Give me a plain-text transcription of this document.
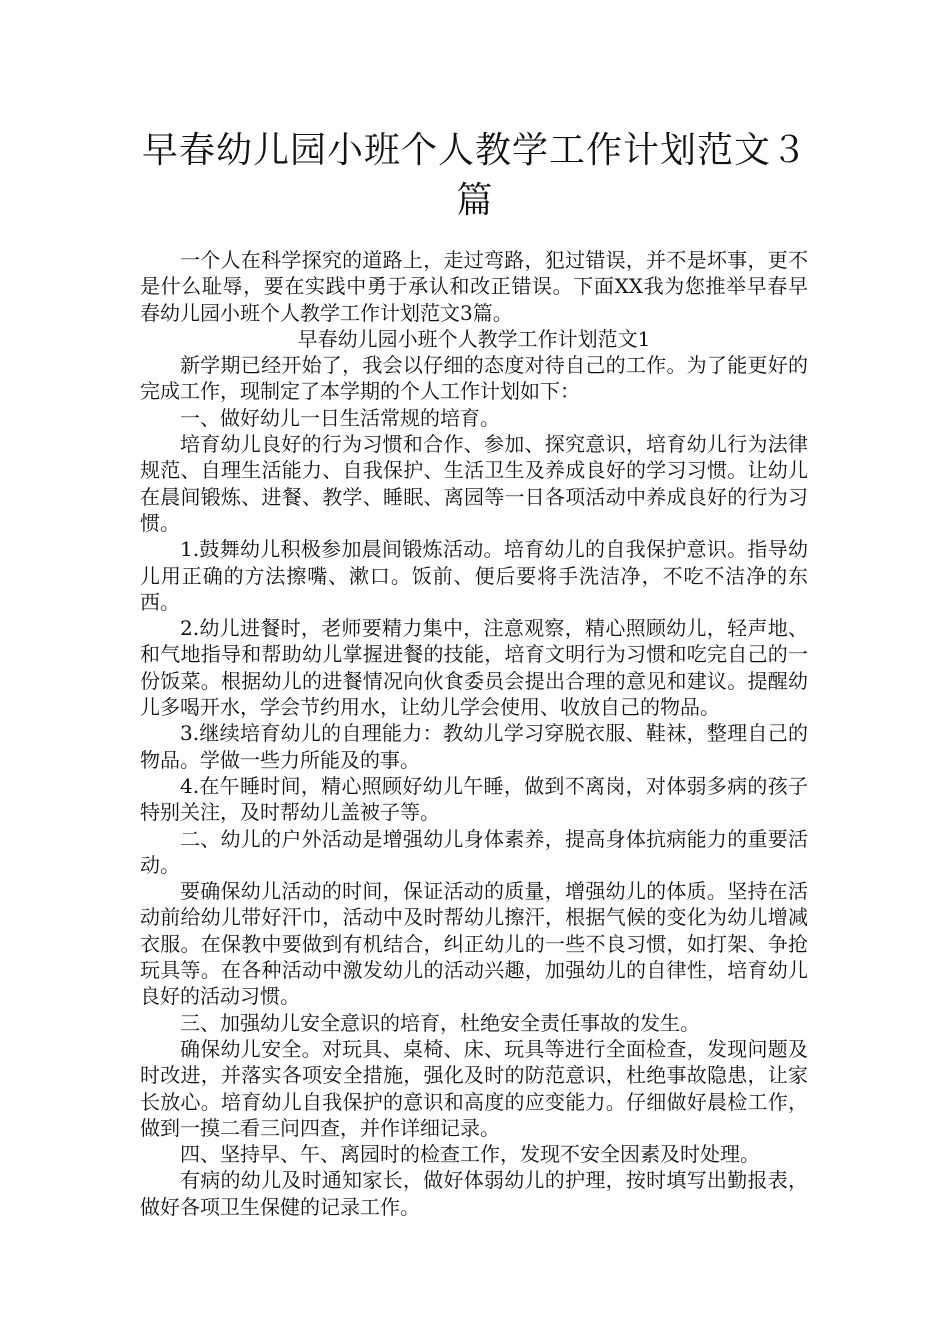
早春幼儿园小班个人教学工作计划范文３篇

一个人在科学探究的道路上，走过弯路，犯过错误，并不是坏事，更不是什么耻辱，要在实践中勇于承认和改正错误。下面XX我为您推举早春早春幼儿园小班个人教学工作计划范文3篇。

早春幼儿园小班个人教学工作计划范文1

新学期已经开始了，我会以仔细的态度对待自己的工作。为了能更好的完成工作，现制定了本学期的个人工作计划如下：

一、做好幼儿一日生活常规的培育。

培育幼儿良好的行为习惯和合作、参加、探究意识，培育幼儿行为法律规范、自理生活能力、自我保护、生活卫生及养成良好的学习习惯。让幼儿在晨间锻炼、进餐、教学、睡眠、离园等一日各项活动中养成良好的行为习惯。

1.鼓舞幼儿积极参加晨间锻炼活动。培育幼儿的自我保护意识。指导幼儿用正确的方法擦嘴、漱口。饭前、便后要将手洗洁净，不吃不洁净的东西。

2.幼儿进餐时，老师要精力集中，注意观察，精心照顾幼儿，轻声地、和气地指导和帮助幼儿掌握进餐的技能，培育文明行为习惯和吃完自己的一份饭菜。根据幼儿的进餐情况向伙食委员会提出合理的意见和建议。提醒幼儿多喝开水，学会节约用水，让幼儿学会使用、收放自己的物品。

3.继续培育幼儿的自理能力：教幼儿学习穿脱衣服、鞋袜，整理自己的物品。学做一些力所能及的事。

4.在午睡时间，精心照顾好幼儿午睡，做到不离岗，对体弱多病的孩子特别关注，及时帮幼儿盖被子等。

二、幼儿的户外活动是增强幼儿身体素养，提高身体抗病能力的重要活动。

要确保幼儿活动的时间，保证活动的质量，增强幼儿的体质。坚持在活动前给幼儿带好汗巾，活动中及时帮幼儿擦汗，根据气候的变化为幼儿增减衣服。在保教中要做到有机结合，纠正幼儿的一些不良习惯，如打架、争抢玩具等。在各种活动中激发幼儿的活动兴趣，加强幼儿的自律性，培育幼儿良好的活动习惯。

三、加强幼儿安全意识的培育，杜绝安全责任事故的发生。

确保幼儿安全。对玩具、桌椅、床、玩具等进行全面检查，发现问题及时改进，并落实各项安全措施，强化及时的防范意识，杜绝事故隐患，让家长放心。培育幼儿自我保护的意识和高度的应变能力。仔细做好晨检工作，做到一摸二看三问四查，并作详细记录。

四、坚持早、午、离园时的检查工作，发现不安全因素及时处理。

有病的幼儿及时通知家长，做好体弱幼儿的护理，按时填写出勤报表，做好各项卫生保健的记录工作。
